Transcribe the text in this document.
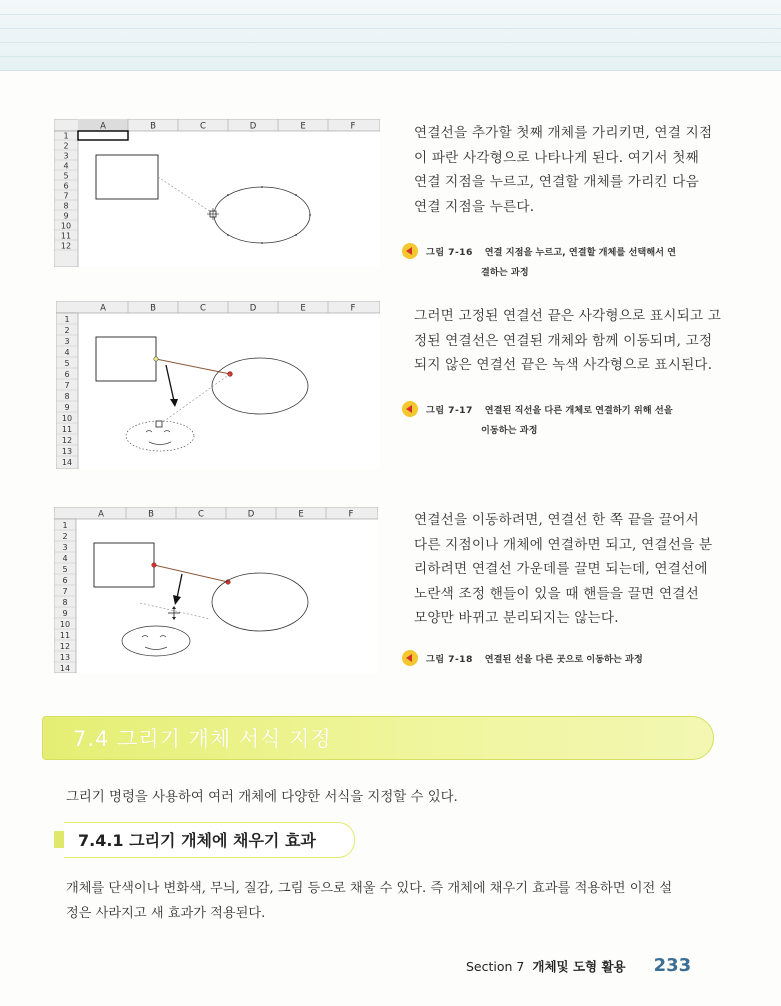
A	B	C	D	E	F
1
2
3
4
5
6
7
8
9
10
11
12
연결선을 추가할 첫째 개체를 가리키면, 연결 지점
이 파란 사각형으로 나타나게 된다. 여기서 첫째
연결 지점을 누르고, 연결할 개체를 가리킨 다음
연결 지점을 누른다.
그림 7-16 연결 지점을 누르고, 연결할 개체를 선택해서 연
결하는 과정
A	B	C	D	E	F
1
2
3
4
5
6
7
8
9
10
11
12
13
14
그러면 고정된 연결선 끝은 사각형으로 표시되고 고
정된 연결선은 연결된 개체와 함께 이동되며, 고정
되지 않은 연결선 끝은 녹색 사각형으로 표시된다.
그림 7-17 연결된 직선을 다른 개체로 연결하기 위해 선을
이동하는 과정
A	B	C	D	E	F
1
2
3
4
5
6
7
8
9
10
11
12
13
14
연결선을 이동하려면, 연결선 한 쪽 끝을 끌어서
다른 지점이나 개체에 연결하면 되고, 연결선을 분
리하려면 연결선 가운데를 끌면 되는데, 연결선에
노란색 조정 핸들이 있을 때 핸들을 끌면 연결선
모양만 바뀌고 분리되지는 않는다.
그림 7-18 연결된 선을 다른 곳으로 이동하는 과정
7.4 그리기 개체 서식 지정
그리기 명령을 사용하여 여러 개체에 다양한 서식을 지정할 수 있다.
7.4.1 그리기 개체에 채우기 효과
개체를 단색이나 변화색, 무늬, 질감, 그림 등으로 채울 수 있다. 즉 개체에 채우기 효과를 적용하면 이전 설
정은 사라지고 새 효과가 적용된다.
Section 7 개체및 도형 활용 233
